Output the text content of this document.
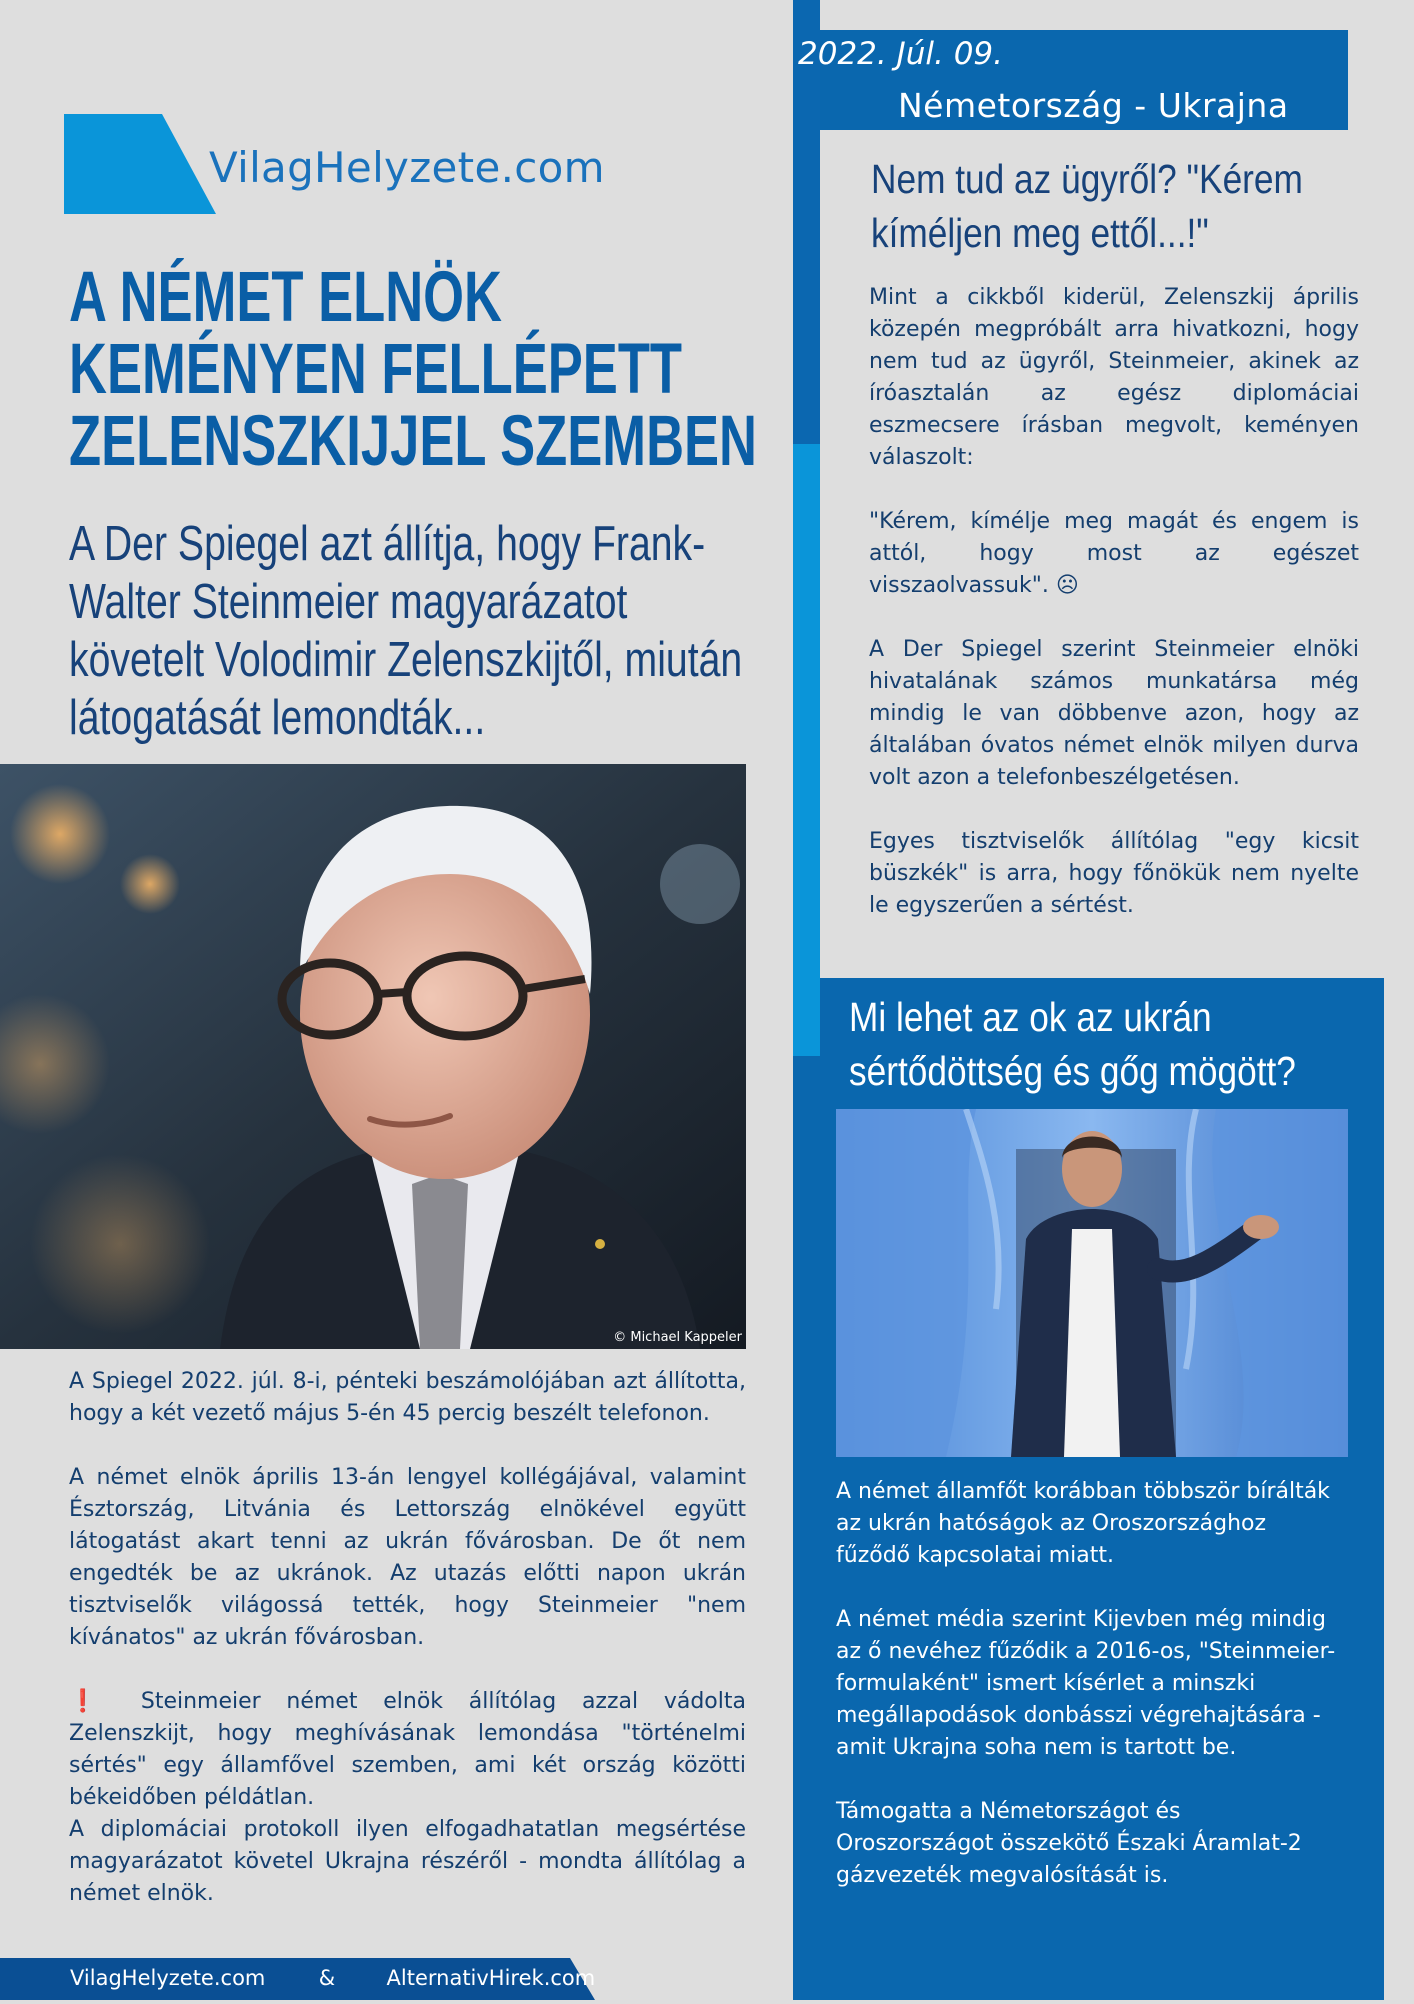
2022. Júl. 09.
Németország - Ukrajna
Nem tud az ügyről? "Kérem kíméljen meg ettől...!"

Mint a cikkből kiderül, Zelenszkij április közepén megpróbált arra hivatkozni, hogy nem tud az ügyről, Steinmeier, akinek az íróasztalán az egész diplomáciai eszmecsere írásban megvolt, keményen válaszolt:

"Kérem, kímélje meg magát és engem is attól, hogy most az egészet visszaolvassuk". ☹

A Der Spiegel szerint Steinmeier elnöki hivatalának számos munkatársa még mindig le van döbbenve azon, hogy az általában óvatos német elnök milyen durva volt azon a telefonbeszélgetésen.

Egyes tisztviselők állítólag "egy kicsit büszkék" is arra, hogy főnökük nem nyelte le egyszerűen a sértést.

Mi lehet az ok az ukrán sértődöttség és gőg mögött?

A német államfőt korábban többször bírálták az ukrán hatóságok az Oroszországhoz fűződő kapcsolatai miatt.

A német média szerint Kijevben még mindig az ő nevéhez fűződik a 2016-os, "Steinmeier-formulaként" ismert kísérlet a minszki megállapodások donbásszi végrehajtására - amit Ukrajna soha nem is tartott be.

Támogatta a Németországot és Oroszországot összekötő Északi Áramlat-2 gázvezeték megvalósítását is.

VilagHelyzete.com
A NÉMET ELNÖK
KEMÉNYEN FELLÉPETT
ZELENSZKIJJEL SZEMBEN
A Der Spiegel azt állítja, hogy Frank-Walter Steinmeier magyarázatot követelt Volodimir Zelenszkijtől, miután látogatását lemondták...
© Michael Kappeler

A Spiegel 2022. júl. 8-i, pénteki beszámolójában azt állította, hogy a két vezető május 5-én 45 percig beszélt telefonon.

A német elnök április 13-án lengyel kollégájával, valamint Észtország, Litvánia és Lettország elnökével együtt látogatást akart tenni az ukrán fővárosban. De őt nem engedték be az ukránok. Az utazás előtti napon ukrán tisztviselők világossá tették, hogy Steinmeier "nem kívánatos" az ukrán fővárosban.

❗ Steinmeier német elnök állítólag azzal vádolta Zelenszkijt, hogy meghívásának lemondása "történelmi sértés" egy államfővel szemben, ami két ország közötti békeidőben példátlan.

A diplomáciai protokoll ilyen elfogadhatatlan megsértése magyarázatot követel Ukrajna részéről - mondta állítólag a német elnök.

VilagHelyzete.com	& AlternativHirek.com
